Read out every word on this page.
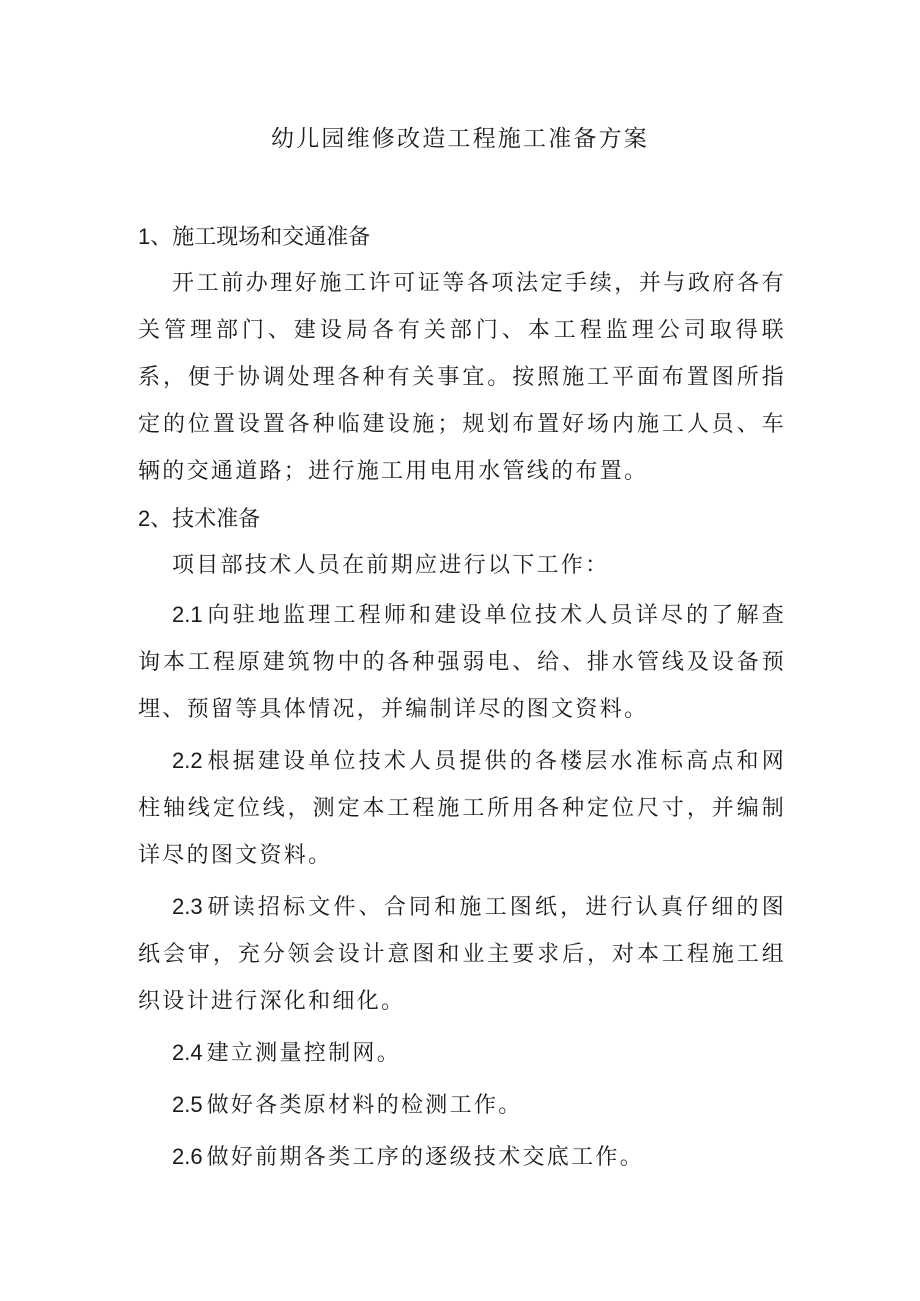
幼儿园维修改造工程施工准备方案

1、施工现场和交通准备

开工前办理好施工许可证等各项法定手续，并与政府各有关管理部门、建设局各有关部门、本工程监理公司取得联系，便于协调处理各种有关事宜。按照施工平面布置图所指定的位置设置各种临建设施；规划布置好场内施工人员、车辆的交通道路；进行施工用电用水管线的布置。

2、技术准备

项目部技术人员在前期应进行以下工作：

2.1 向驻地监理工程师和建设单位技术人员详尽的了解查询本工程原建筑物中的各种强弱电、给、排水管线及设备预埋、预留等具体情况，并编制详尽的图文资料。

2.2 根据建设单位技术人员提供的各楼层水准标高点和网柱轴线定位线，测定本工程施工所用各种定位尺寸，并编制详尽的图文资料。

2.3 研读招标文件、合同和施工图纸，进行认真仔细的图纸会审，充分领会设计意图和业主要求后，对本工程施工组织设计进行深化和细化。

2.4 建立测量控制网。

2.5 做好各类原材料的检测工作。

2.6 做好前期各类工序的逐级技术交底工作。
